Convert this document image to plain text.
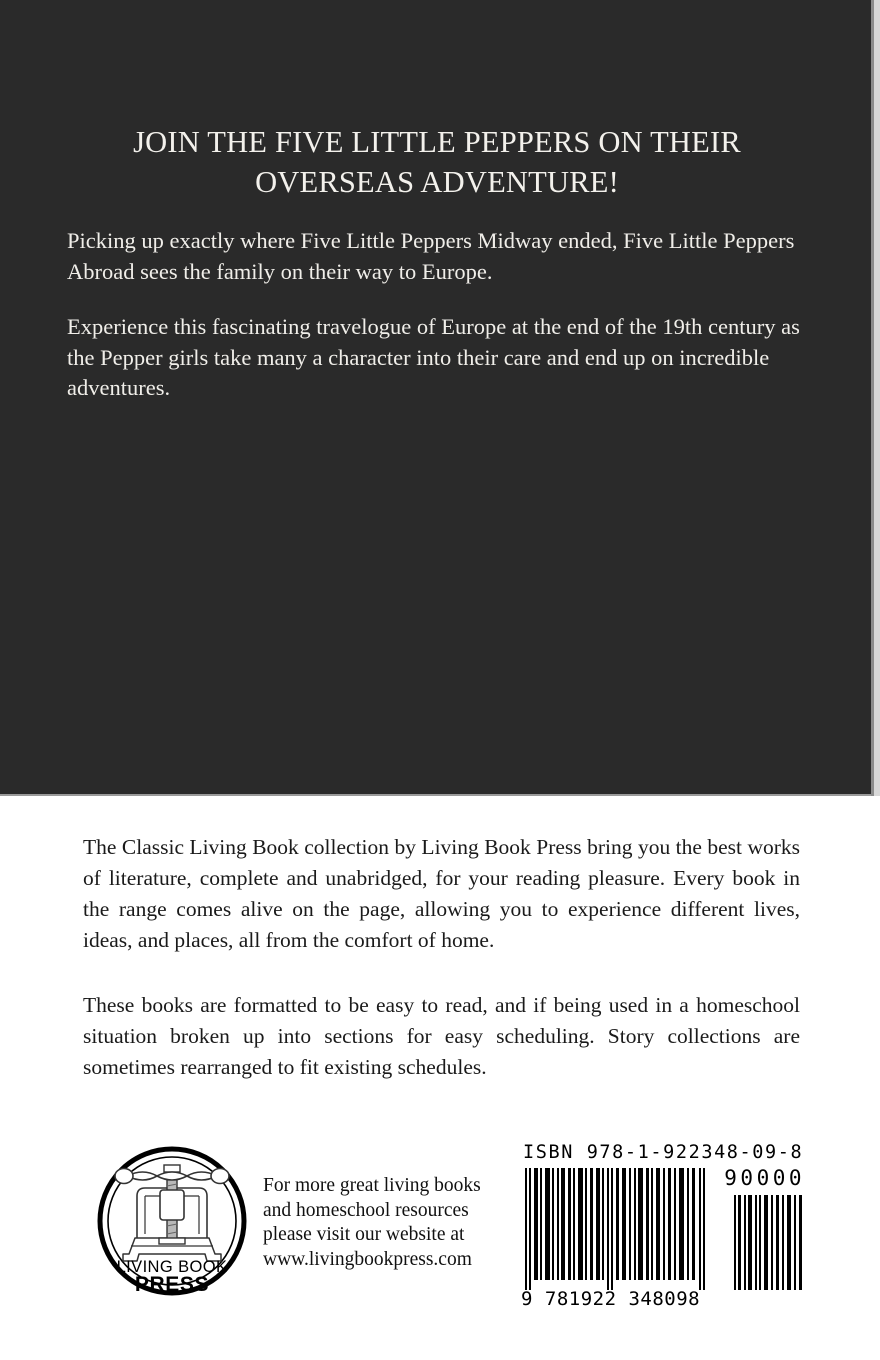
JOIN THE FIVE LITTLE PEPPERS ON THEIR OVERSEAS ADVENTURE!

Picking up exactly where Five Little Peppers Midway ended, Five Little Peppers Abroad sees the family on their way to Europe.

Experience this fascinating travelogue of Europe at the end of the 19th century as the Pepper girls take many a character into their care and end up on incredible adventures.

The Classic Living Book collection by Living Book Press bring you the best works of literature, complete and unabridged, for your reading pleasure. Every book in the range comes alive on the page, allowing you to experience different lives, ideas, and places, all from the comfort of home.

These books are formatted to be easy to read, and if being used in a homeschool situation broken up into sections for easy scheduling. Story collections are sometimes rearranged to fit existing schedules.

LIVING BOOK
PRESS

For more great living books
and homeschool resources
please visit our website at
www.livingbookpress.com

ISBN 978-1-922348-09-8

90000

9 781922 348098
